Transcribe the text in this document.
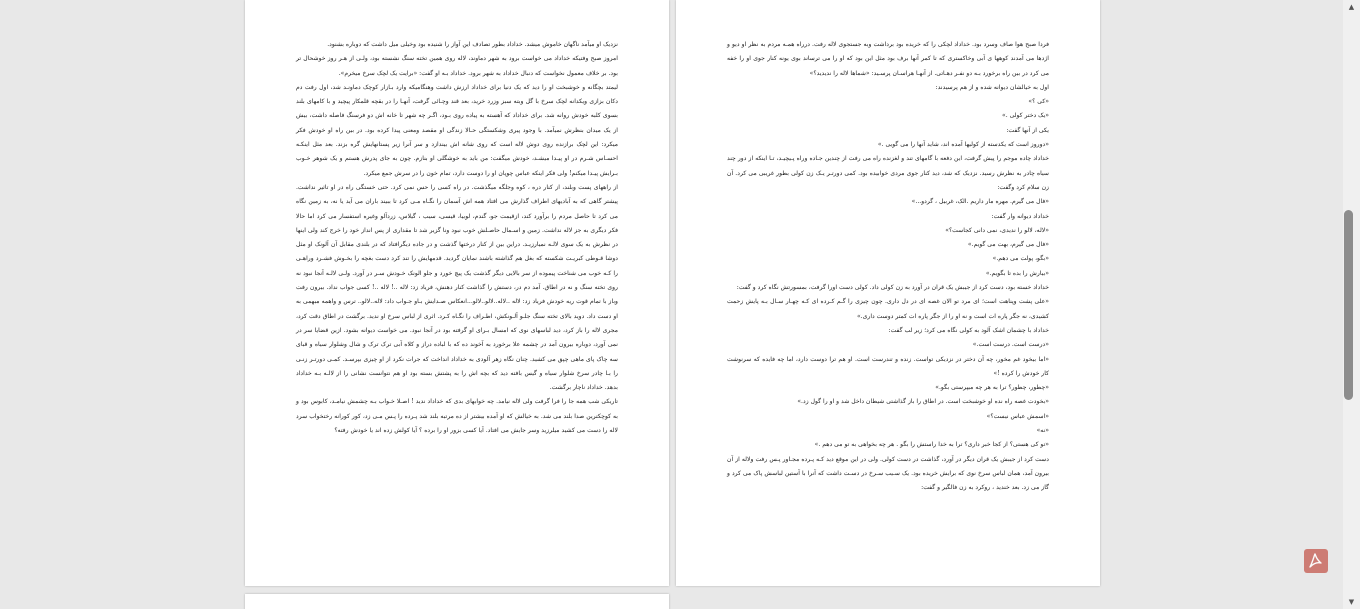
نزدیک او میآمد ناگهان خاموش میشد. خداداد بطور تصادف این آواز را شنیده بود وخیلی میل داشت که دوباره بشنود.

امروز صبح وفتیکه خداداد می خواست برود به شهر دماوند، لاله روی همین تخته سنگ نشسته بود، ولـی از هـر روز خوشحال تر بود. بر خلاف معمول نخواست که دنبال خداداد به شهر برود. خداداد بـه او گفت: «برایت یک لچک سرخ میخرم».

لیمتد بچگانه و خوشبخت او را دید که یک دنیا برای خداداد ارزش داشت وهنگامیکه وارد بـازار کوچک دماونـد شد، اول رفت دم دکان بزازی ویکدانه لچک سرخ با گل وبته سبز وزرد خرید، بعد قند وچـائی گرفت، آنهـا را در بقچه قلمکار پیچید و با کامهای بلند بسوی کلبه خودش روانه شد. برای خداداد که آهسته به پیاده روی بـود، اگـر چه شهر تا خانه اش دو فرسنگ فاصله داشت، بیش از یک میدان بنظرش نمیآمد. با وجود پیری وشکستگی حـالا زندگی او مقصد ومعنی پیدا کرده بود. در بین راه او خودش فکر میکرد: این لچک برازنده روی دوش لاله است که روی شانه اش بیندازد و سر آنرا زیر پستانهایش گره بزند. بعد مثل اینکـه احسـاس شـرم در او پیـدا میشـد، خودش میگفت: من باید به خوشگلی او بنازم. چون به جای پدرش هستم و یک شوهر خـوب بـرایش پیـدا میکنم! ولی فکر اینکه عباس چوپان او را دوست دارد، تمام خون را در سرش جمع میکرد.

از راههای پست وبلند، از کنار دره ، کوه وجلگه میگذشت. در راه کسی را حس نمی کرد. حتی خستگی راه در او تاثیر نداشت. پیشتر گاهی که به آبادیهای اطراف گذارش می افتاد همه اش آسمان را نگـاه مـی کرد تا ببیند باران می آید یا نه، به زمین نگاه می کرد تا حاصل مردم را برآورد کند، ازقیمت جو، گندم، لوبیا، قیسی، سیب ، گیلاس، زردآلو وغیره استفسار می کرد اما حالا فکر دیگری به جز لاله نداشت. زمین و اسـمال حاصـلش خوب نبود ونا گزیر شد تا مقداری از پس انداز خود را خرج کند ولی اینها در نظرش به یک سوی لالـه نمیارزیـد. دراین بین از کنار درختها گذشت و در جاده دیگرافتاد که در بلندی مقابل آن آلونک او مثل دوشا قـوطی کبریـت شکسته که بغل هم گذاشته باشند نمایان گردید. قدمهایش را تند کرد دست بغچه را بخـوش فشـرد وراهـی را کـه خوب می شناخت پیموده از سر بالایی دیگر گذشت یک پیچ خورد و جلو الونک خـودش سـر در آورد. ولـی لالـه آنجا نبود نه روی تخته سنگ و نه در اطاق. آمد دم در، دستش را گذاشت کنار دهنش، فریاد زد: لاله ..! لاله ..! کسی جواب نداد. بیرون رفت وباز با تمام قوت ریه خودش فریاد زد: لاله ..لاله..لالو..لالو...انعکاس صـدایش بـاو جـواب داد: لاله..لالو.. ترس و واهمه مبهمی به او دست داد. دوید بالای تخته سنگ جلـو آلـونکش، اطـراف را نگـاه کـرد. اثری از لباس سرخ او ندید. برگشت در اطاق دقت کرد، مجری لاله را باز کرد، دید لباسهای نوی که امسال بـرای او گرفته بود در آنجا نبود. می خواست دیوانه بشود. ازین قضایا سر در نمی آورد، دوباره بیرون آمد در چشمه علا برخورد به آخوند ده که با لباده دراز و کلاه آبی ترک ترک و شال وشلوار سیاه و قبای سه چاک پای ماهی چپق می کشید. چنان نگاه زهر آلودی به خداداد انداخت که جرات نکرد از او چیزی بپرسـد. کمـی دورتـر زنـی را بـا چادر سرخ شلوار سیاه و گیس بافته دید که بچه اش را به پشتش بسته بود او هم نتوانست نشانی را از لالـه بـه خداداد بدهد. خداداد ناچار برگشت.

تاریکی شب همه جا را فرا گرفت ولی لاله نیامد. چه خوابهای بدی که خداداد ندید ! اصـلا خـواب بـه چشمش نیامـد، کابوس بود و به کوچکترین صدا بلند می شد. به خیالش که او آمده بیشتر از ده مرتبه بلند شد پـرده را پـس مـی زد، کور کورانه رختخواب سرد لاله را دست می کشید میلرزید وسر جایش می افتاد. آیا کسی بزور او را برده ؟ آیا کولش زده اند یا خودش رفته؟

فردا صبح هوا صاف وسرد بود. خداداد لچکی را که خریده بود برداشت وبه جستجوی لاله رفت. درراه همـه مردم به نظر او دیو و اژدها می آمدند کوهها ی آبی وخاکستری که تا کمر آنها برف بود مثل این بود که او را می ترساند بوی یونه کنار جوی او را خفه می کرد در بین راه برخورد بـه دو نفـر دهـاتی. از آنهـا هراسـان پرسـید: «شماها لاله را ندیدید؟»

اول به خیالشان دیوانه شده و از هم پرسیدند:

«کی ؟»

«یک دختر کولی .»

یکی از آنها گفت:

«دوروز است که یکدسته از کولیها آمده اند، شاید آنها را می گویی .»

خداداد چاده موجم را پیش گرفت، این دفعه با گامهای تند و لغزنده راه می رفت از چندین جـاده وراه پـیچیـد، تـا اینکه از دور چند سیاه چادر به نظرش رسید. نزدیک که شد، دید کنار جوی مردی خوابیده بود. کمی دورتـر یـک زن کولی بطور غریبی می کرد. آن زن سلام کرد وگفت:

«فال می گیرم. مهره مار داریم .الک، غربیل ، گردو...»

خداداد دیوانه وار گفت:

«لاله، لالو را ندیدی، نمی دانی کجاست؟»

«فال می گیرم، بهت می گویم.»

«بگو، پولت می دهم.»

«بیارش را بده تا بگویم.»

خداداد خسته بود، دست کرد از جیبش یک قران در آورد به زن کولی داد. کولی دست اورا گرفت، بمسورتش نگاه کرد و گفت:

«علی پشت وپناهت است؛ ای مرد تو الان غصه ای در دل داری. چون چیزی را گـم کـرده ای کـه چهـار سـال بـه پایش زحمت کشیدی، نه جگر پاره ات است و نه او را از جگر پاره ات کمتر دوست داری.»

خداداد با چشمان اشک آلود به کولی نگاه می کرد؛ زیر لب گفت:

«درست است. درست است.»

«اما بیخود غم مخور، چه آن دختر در نزدیکی تواست. زنده و تندرست است. او هم ترا دوست دارد، اما چه فایده که سرنوشت کار خودش را کرده !»

«چطور، چطور؟ ترا به هر چه میپرستی بگو.»

«بخودت غصه راه نده او خوشبخت است. در اطاق را باز گذاشتی شیطان داخل شد و او را گول زد.»

«اسمش عباس نیست؟»

«نه»

«تو کی هستی؟ از کجا خبر داری؟ ترا به خدا راستش را بگو . هر چه بخواهی به تو می دهم .»

دست کرد از جیبش یک قران دیگر در آورد، گذاشت در دست کولی. ولی در این موقع دید کـه پـرده مجـاور پـس رفت ولاله از آن بیرون آمد، همان لباس سرخ نوی که برایش خریده بود. یک سـیب سـرخ در دسـت داشت که آنرا با آستین لباسش پاک می کرد و گاز می زد. بعد خندید ، روکرد به زن فالگیر و گفت:

▲
▼
